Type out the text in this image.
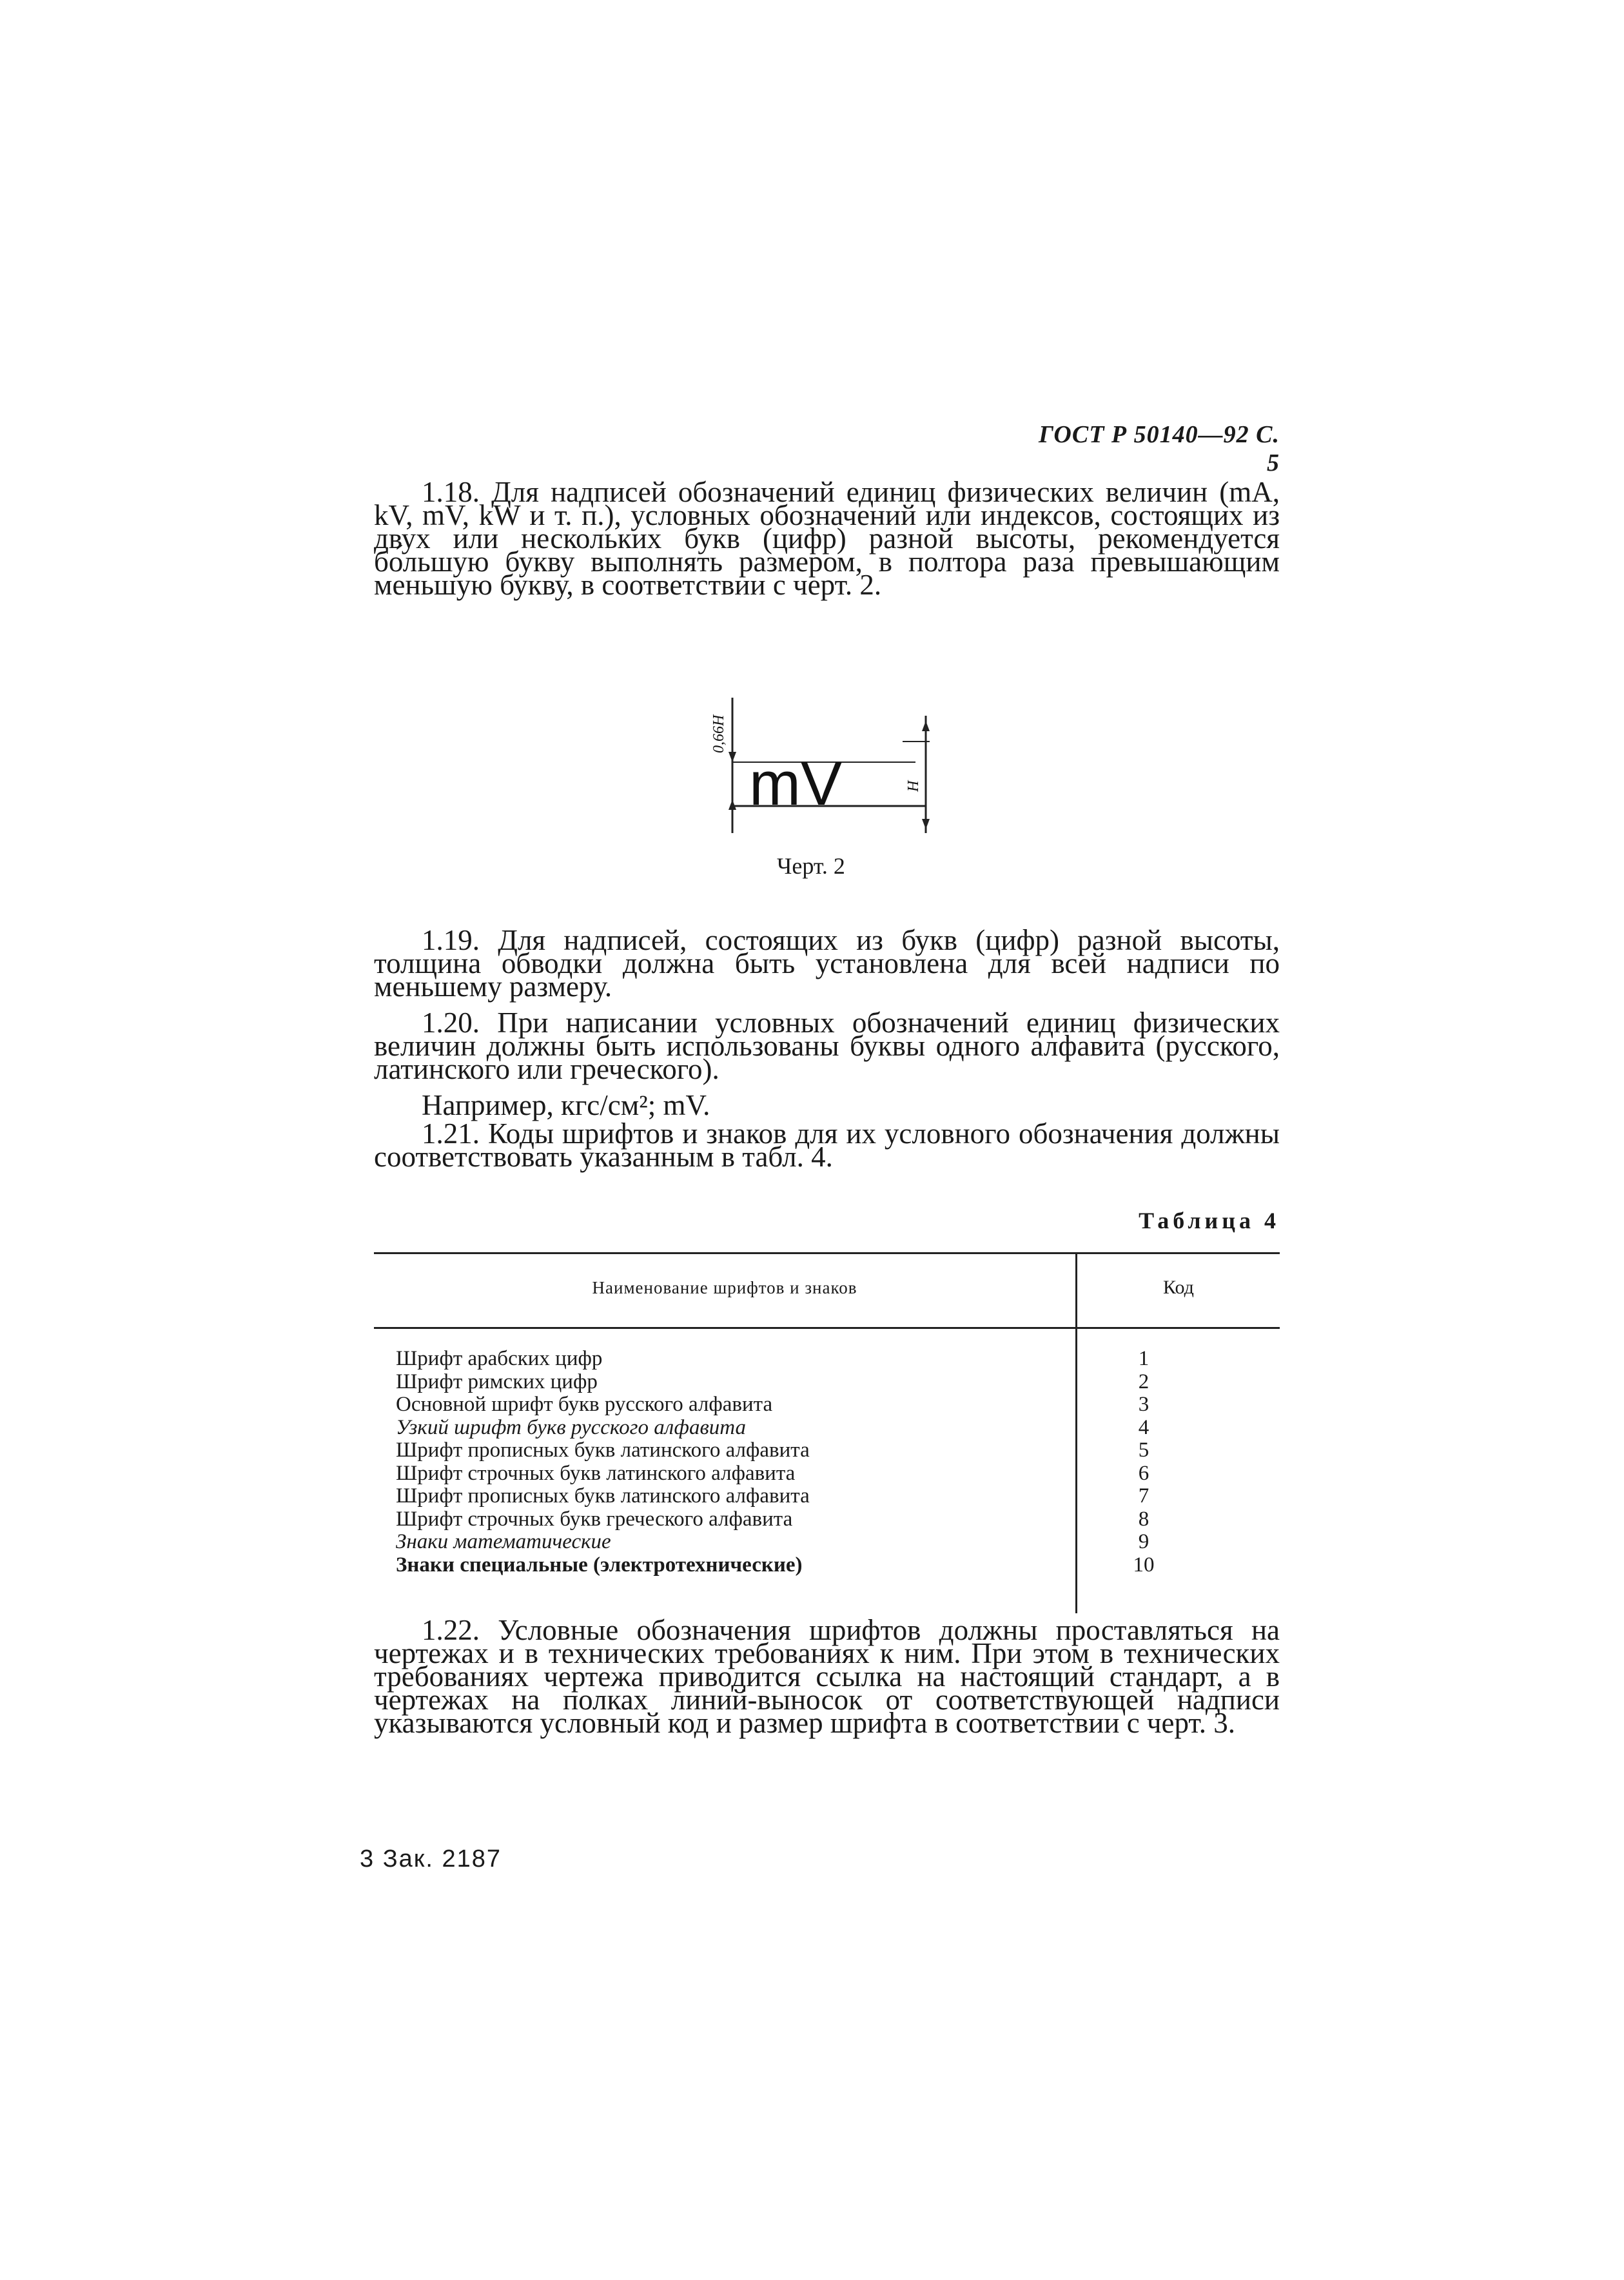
ГОСТ Р 50140—92 С. 5

1.18. Для надписей обозначений единиц физических величин (mA, kV, mV, kW и т. п.), условных обозначений или индексов, состоящих из двух или нескольких букв (цифр) разной высоты, рекомендуется бо́льшую букву выполнять размером, в полтора раза превышающим меньшую букву, в соответствии с черт. 2.

mV
0,66H
H
Черт. 2

1.19. Для надписей, состоящих из букв (цифр) разной высоты, толщина обводки должна быть установлена для всей надписи по меньшему размеру.

1.20. При написании условных обозначений единиц физических величин должны быть использованы буквы одного алфавита (русского, латинского или греческого).

Например, кгс/см²; mV.

1.21. Коды шрифтов и знаков для их условного обозначения должны соответствовать указанным в табл. 4.

Таблица 4
Наименование шрифтов и знаков	Код
Шрифт арабских цифр	1
Шрифт римских цифр	2
Основной шрифт букв русского алфавита	3
Узкий шрифт букв русского алфавита	4
Шрифт прописных букв латинского алфавита	5
Шрифт строчных букв латинского алфавита	6
Шрифт прописных букв латинского алфавита	7
Шрифт строчных букв греческого алфавита	8
Знаки математические	9
Знаки специальные (электротехнические)	10

1.22. Условные обозначения шрифтов должны проставляться на чертежах и в технических требованиях к ним. При этом в технических требованиях чертежа приводится ссылка на настоящий стандарт, а в чертежах на полках линий-выносок от соответствующей надписи указываются условный код и размер шрифта в соответствии с черт. 3.

3 Зак. 2187
